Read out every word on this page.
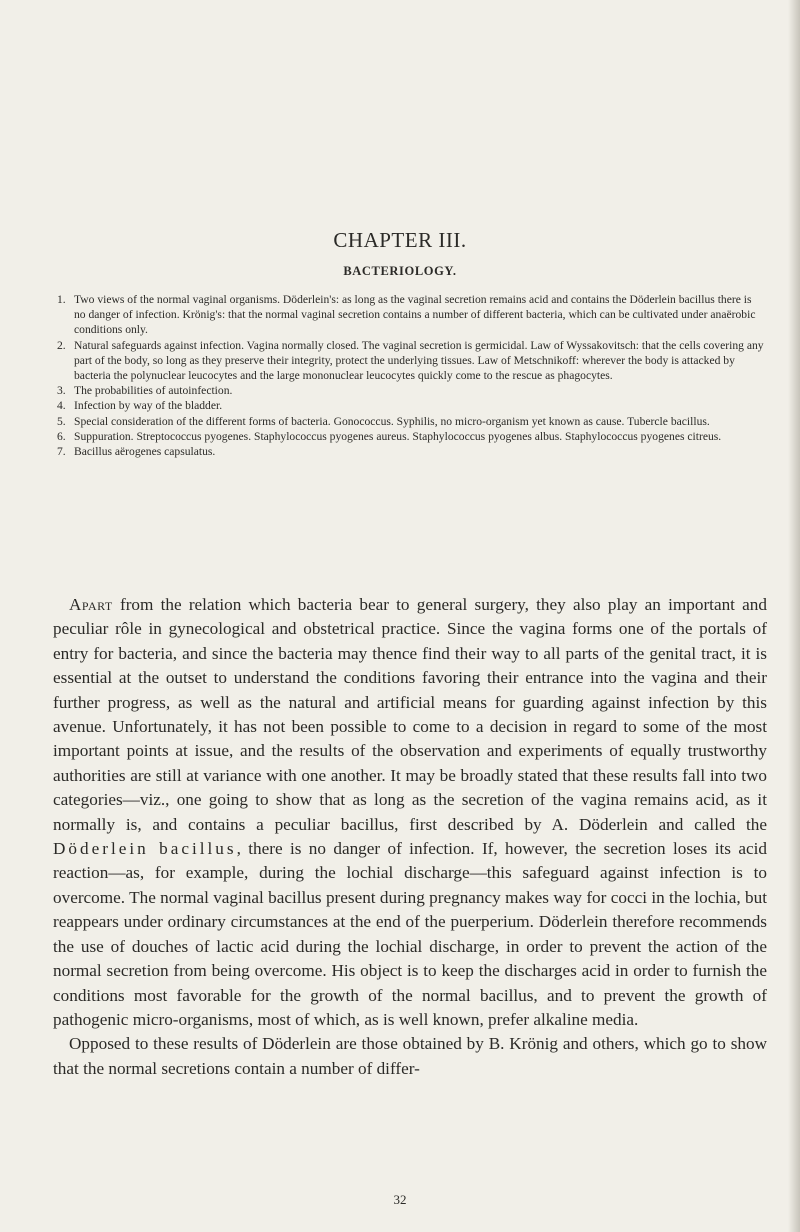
CHAPTER III.
BACTERIOLOGY.
1. Two views of the normal vaginal organisms. Döderlein's: as long as the vaginal secretion remains acid and contains the Döderlein bacillus there is no danger of infection. Krönig's: that the normal vaginal secretion contains a number of different bacteria, which can be cultivated under anaërobic conditions only.
2. Natural safeguards against infection. Vagina normally closed. The vaginal secretion is germicidal. Law of Wyssakovitsch: that the cells covering any part of the body, so long as they preserve their integrity, protect the underlying tissues. Law of Metschnikoff: wherever the body is attacked by bacteria the polynuclear leucocytes and the large mononuclear leucocytes quickly come to the rescue as phagocytes.
3. The probabilities of autoinfection.
4. Infection by way of the bladder.
5. Special consideration of the different forms of bacteria. Gonococcus. Syphilis, no micro-organism yet known as cause. Tubercle bacillus.
6. Suppuration. Streptococcus pyogenes. Staphylococcus pyogenes aureus. Staphylococcus pyogenes albus. Staphylococcus pyogenes citreus.
7. Bacillus aërogenes capsulatus.

Apart from the relation which bacteria bear to general surgery, they also play an important and peculiar rôle in gynecological and obstetrical practice. Since the vagina forms one of the portals of entry for bacteria, and since the bacteria may thence find their way to all parts of the genital tract, it is essential at the outset to understand the conditions favoring their entrance into the vagina and their further progress, as well as the natural and artificial means for guarding against infection by this avenue. Unfortunately, it has not been possible to come to a decision in regard to some of the most important points at issue, and the results of the observation and experiments of equally trustworthy authorities are still at variance with one another. It may be broadly stated that these results fall into two categories—viz., one going to show that as long as the secretion of the vagina remains acid, as it normally is, and contains a peculiar bacillus, first described by A. Döderlein and called the Döderlein bacillus, there is no danger of infection. If, however, the secretion loses its acid reaction—as, for example, during the lochial discharge—this safeguard against infection is to overcome. The normal vaginal bacillus present during pregnancy makes way for cocci in the lochia, but reappears under ordinary circumstances at the end of the puerperium. Döderlein therefore recommends the use of douches of lactic acid during the lochial discharge, in order to prevent the action of the normal secretion from being overcome. His object is to keep the discharges acid in order to furnish the conditions most favorable for the growth of the normal bacillus, and to prevent the growth of pathogenic micro-organisms, most of which, as is well known, prefer alkaline media.

Opposed to these results of Döderlein are those obtained by B. Krönig and others, which go to show that the normal secretions contain a number of differ-

32
